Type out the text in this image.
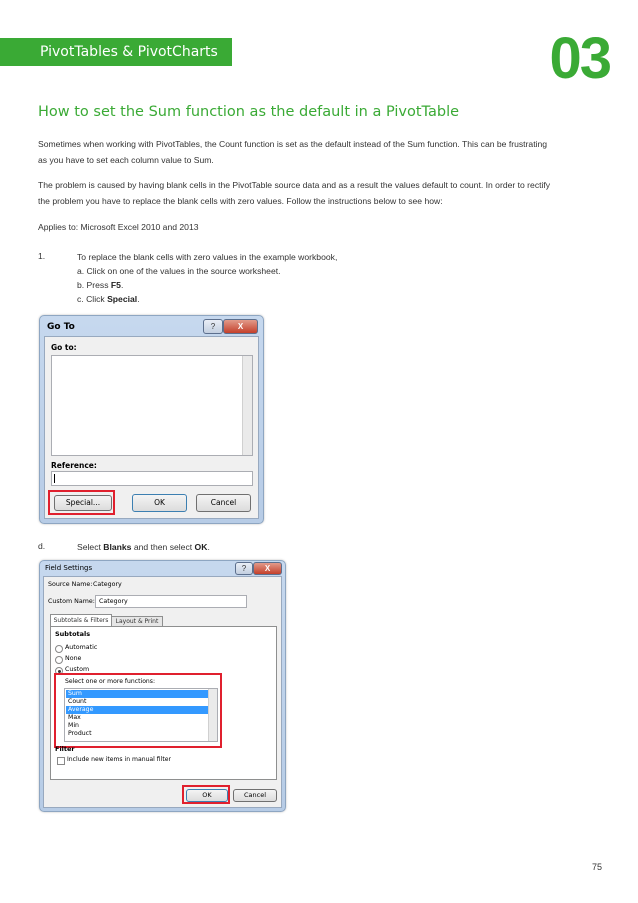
PivotTables & PivotCharts	03
How to set the Sum function as the default in a PivotTable
Sometimes when working with PivotTables, the Count function is set as the default instead of the Sum function. This can be frustrating
as you have to set each column value to Sum.
The problem is caused by having blank cells in the PivotTable source data and as a result the values default to count. In order to rectify
the problem you have to replace the blank cells with zero values. Follow the instructions below to see how:
Applies to: Microsoft Excel 2010 and 2013
1.	To replace the blank cells with zero values in the example workbook,
a. Click on one of the values in the source worksheet.
b. Press F5.
c. Click Special.
Go To	?	X
Go to:
Reference:
Special...	OK	Cancel
d.	Select Blanks and then select OK.
Field Settings	?	X
Source Name: Category
Custom Name: Category
Subtotals & Filters	Layout & Print
Subtotals
Automatic
None
Custom
Select one or more functions:
Sum
Count
Average
Max
Min
Product
Filter
Include new items in manual filter
OK	Cancel
75
